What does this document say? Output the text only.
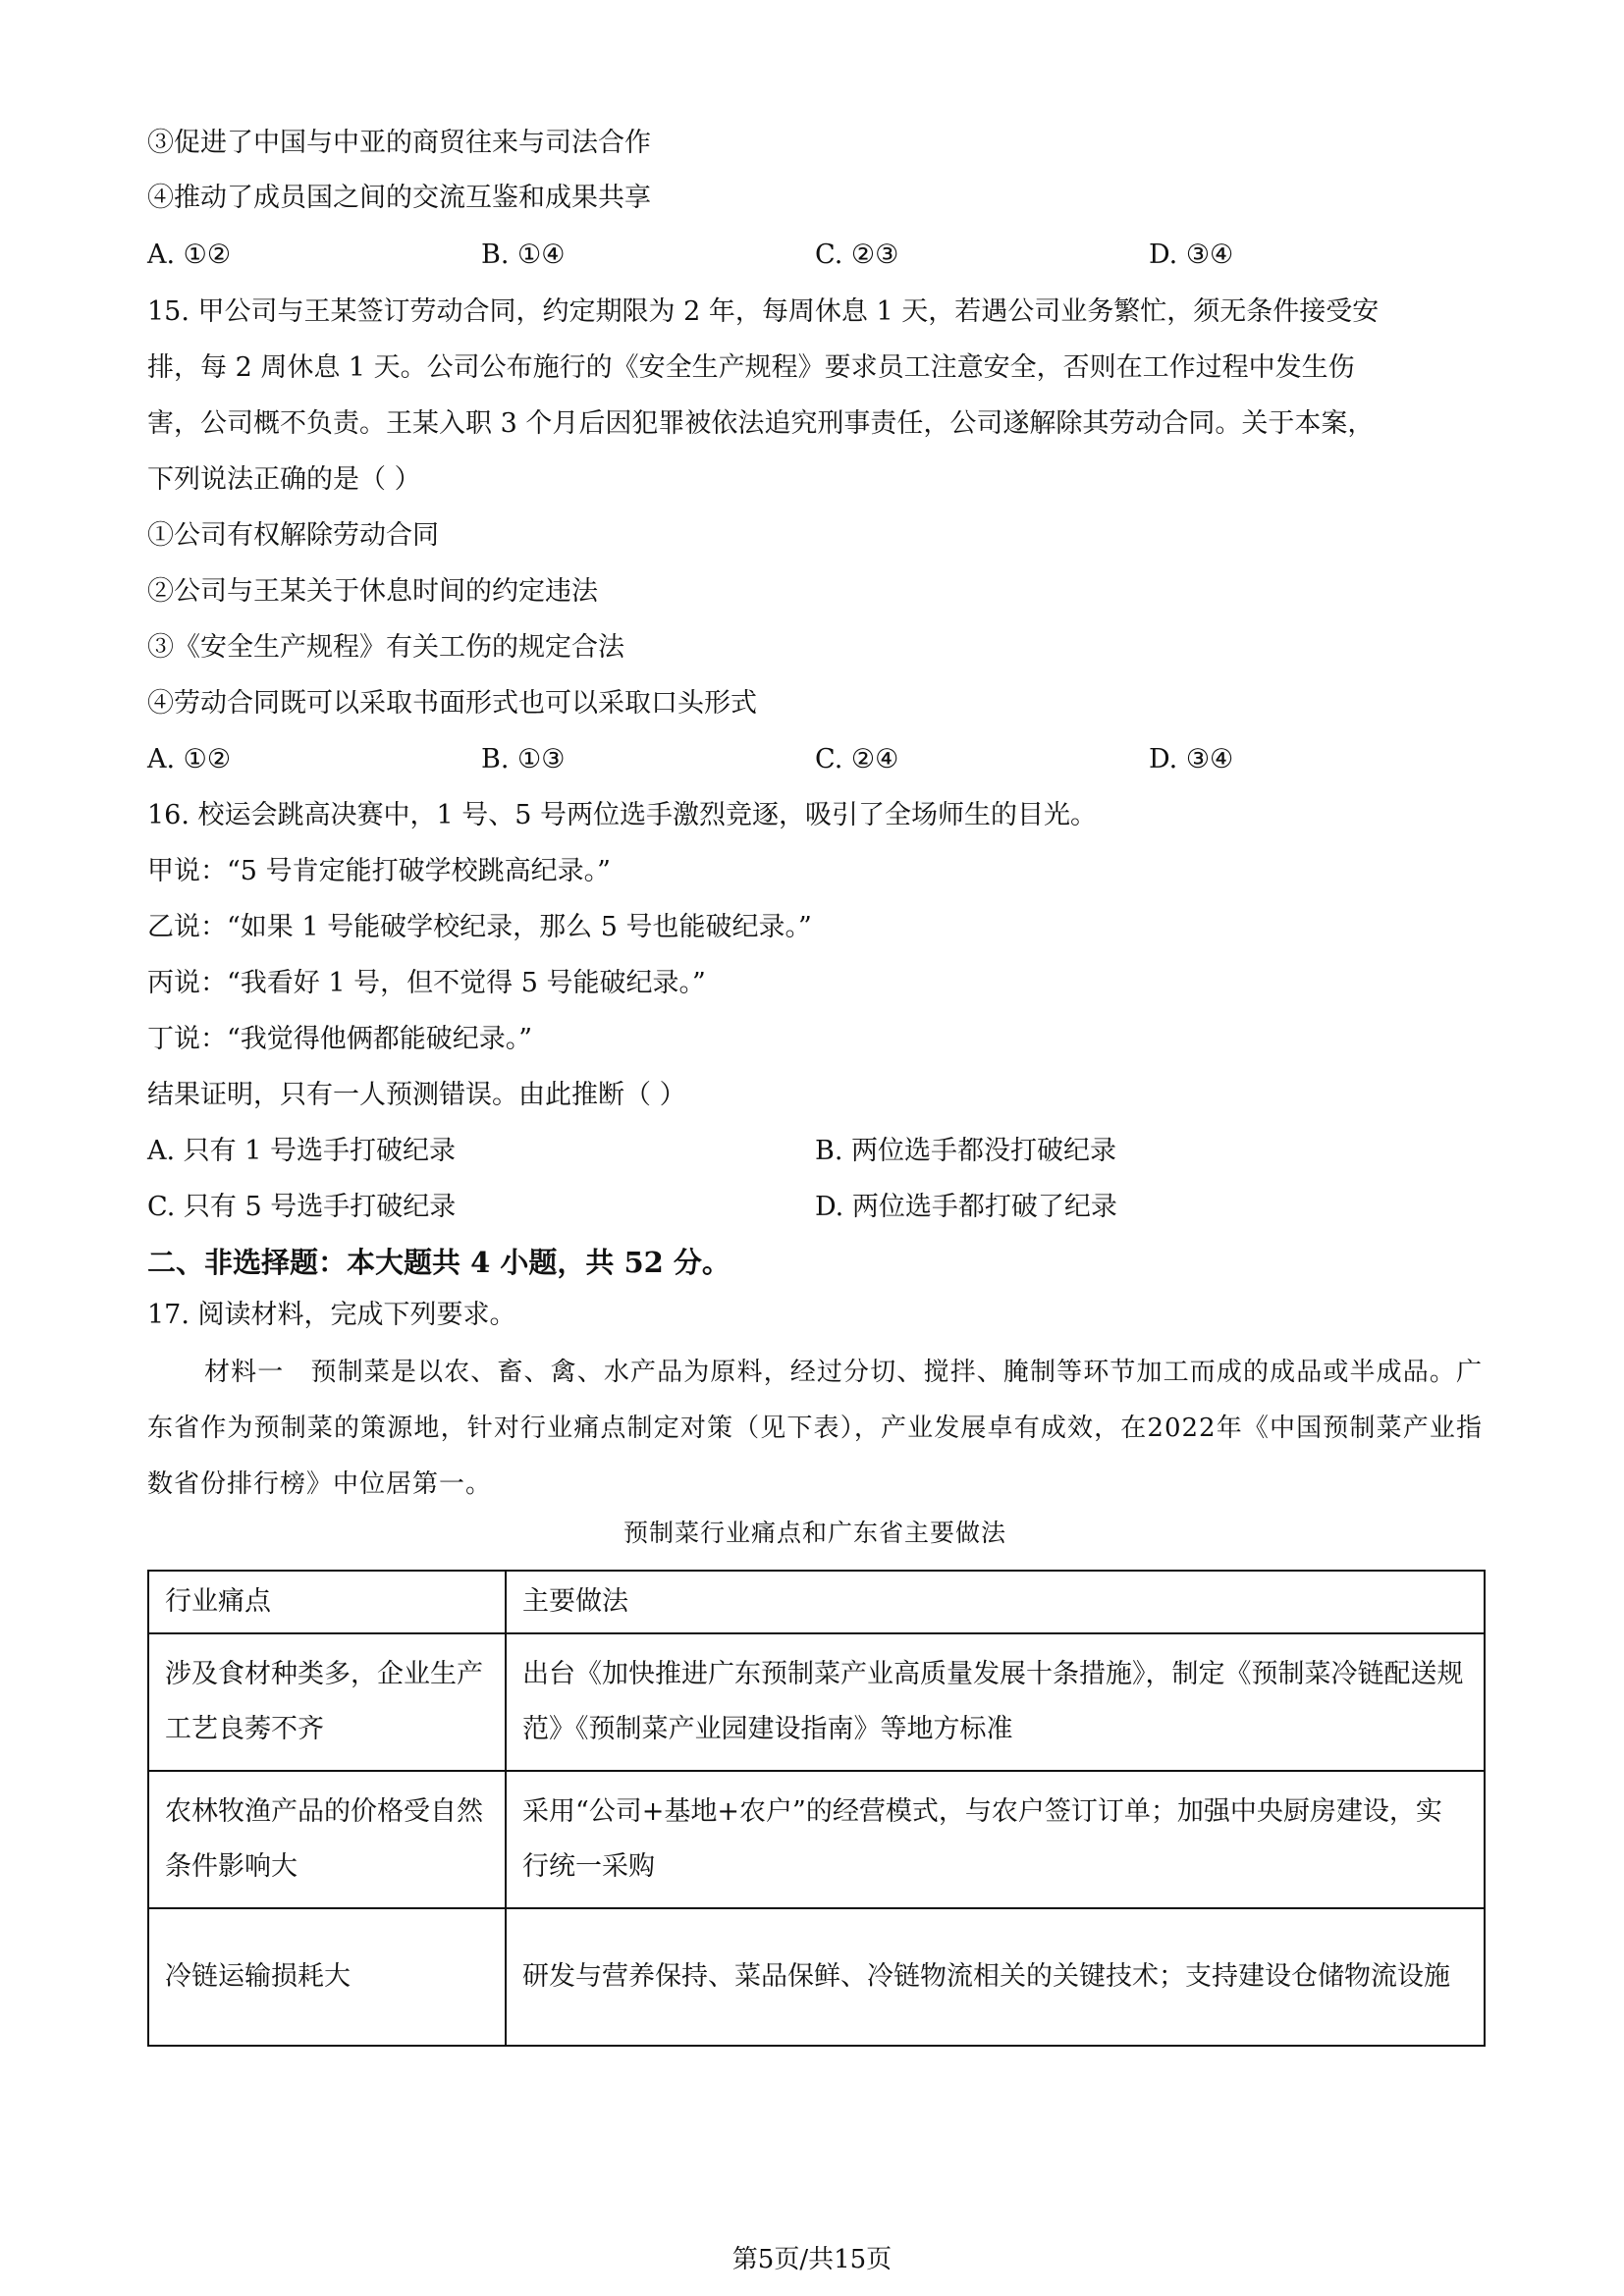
③促进了中国与中亚的商贸往来与司法合作
④推动了成员国之间的交流互鉴和成果共享
A. ①②	B. ①④	C. ②③	D. ③④
15. 甲公司与王某签订劳动合同，约定期限为 2 年，每周休息 1 天，若遇公司业务繁忙，须无条件接受安
排，每 2 周休息 1 天。公司公布施行的《安全生产规程》要求员工注意安全，否则在工作过程中发生伤
害，公司概不负责。王某入职 3 个月后因犯罪被依法追究刑事责任，公司遂解除其劳动合同。关于本案，
下列说法正确的是（ ）
①公司有权解除劳动合同
②公司与王某关于休息时间的约定违法
③《安全生产规程》有关工伤的规定合法
④劳动合同既可以采取书面形式也可以采取口头形式
A. ①②	B. ①③	C. ②④	D. ③④
16. 校运会跳高决赛中，1 号、5 号两位选手激烈竞逐，吸引了全场师生的目光。
甲说：“5 号肯定能打破学校跳高纪录。”
乙说：“如果 1 号能破学校纪录，那么 5 号也能破纪录。”
丙说：“我看好 1 号，但不觉得 5 号能破纪录。”
丁说：“我觉得他俩都能破纪录。”
结果证明，只有一人预测错误。由此推断（ ）
A. 只有 1 号选手打破纪录	B. 两位选手都没打破纪录
C. 只有 5 号选手打破纪录	D. 两位选手都打破了纪录
二、非选择题：本大题共 4 小题，共 52 分。
17. 阅读材料，完成下列要求。

材料一　预制菜是以农、畜、禽、水产品为原料，经过分切、搅拌、腌制等环节加工而成的成品或半成品。广东省作为预制菜的策源地，针对行业痛点制定对策（见下表），产业发展卓有成效，在2022年《中国预制菜产业指数省份排行榜》中位居第一。

预制菜行业痛点和广东省主要做法
行业痛点	主要做法
涉及食材种类多，企业生产工艺良莠不齐	出台《加快推进广东预制菜产业高质量发展十条措施》，制定《预制菜冷链配送规范》《预制菜产业园建设指南》等地方标准
农林牧渔产品的价格受自然条件影响大	采用“公司+基地+农户”的经营模式，与农户签订订单；加强中央厨房建设，实行统一采购
冷链运输损耗大	研发与营养保持、菜品保鲜、冷链物流相关的关键技术；支持建设仓储物流设施
第5页/共15页
